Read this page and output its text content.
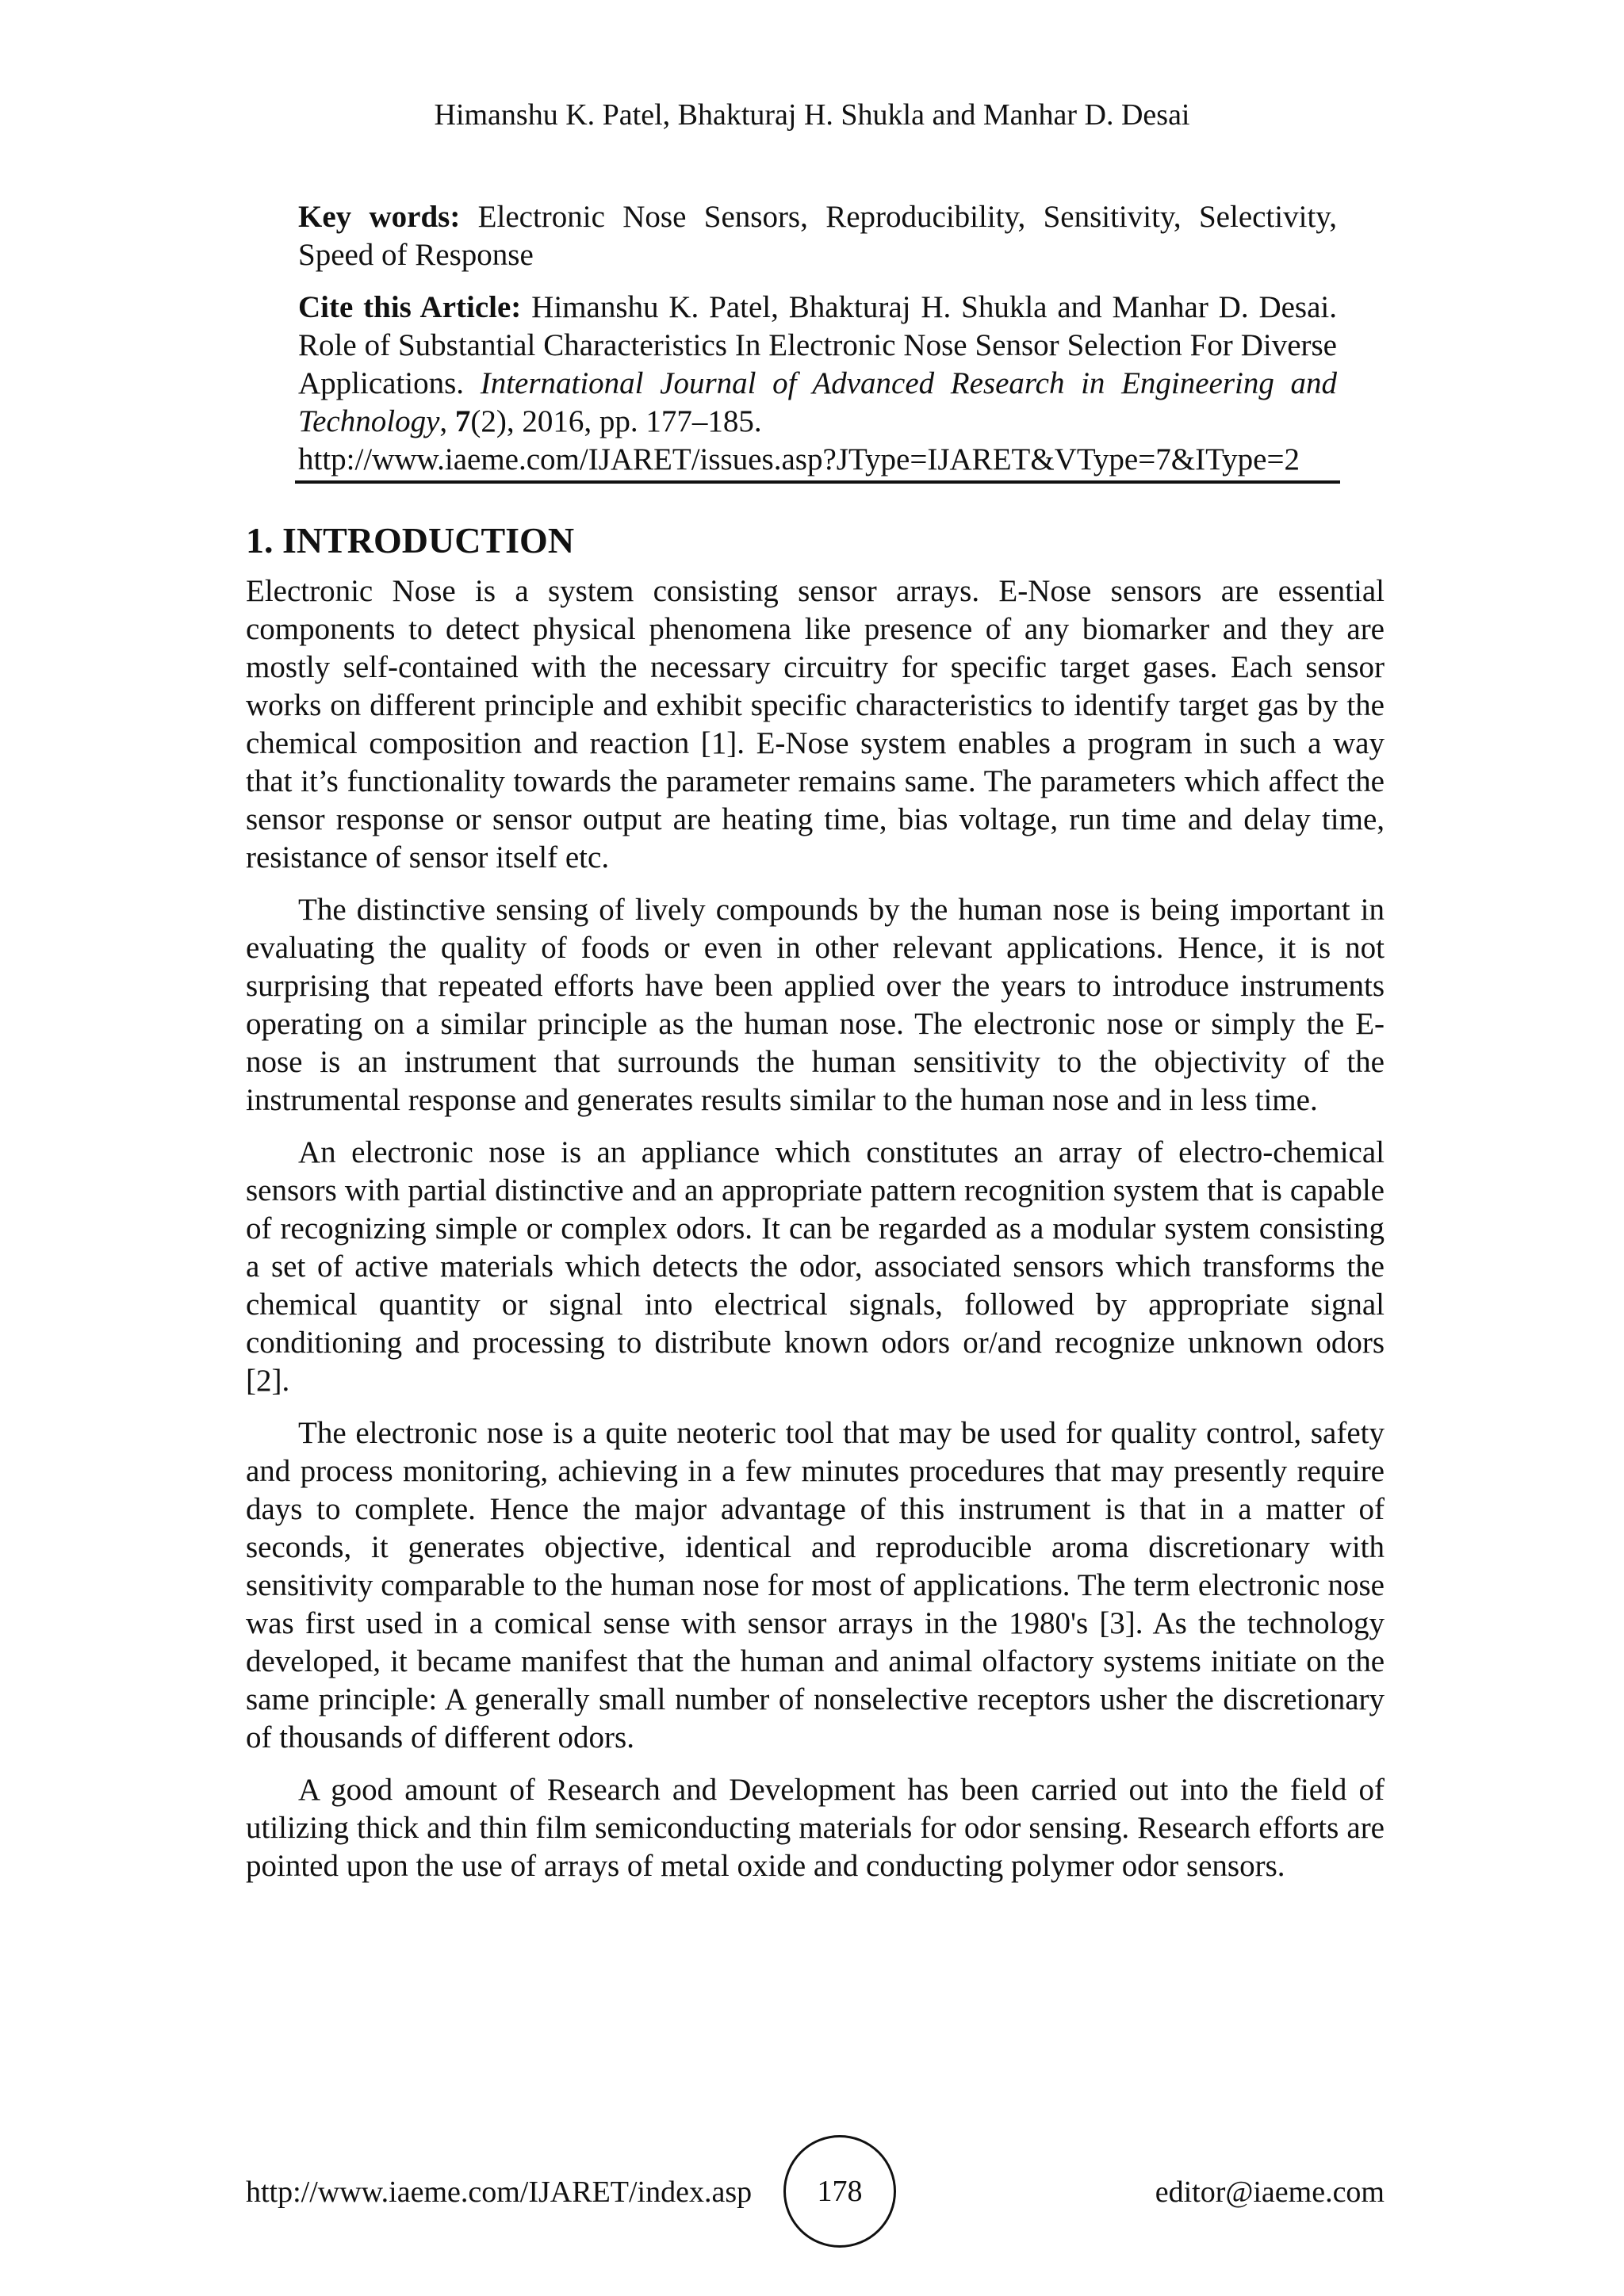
Himanshu K. Patel, Bhakturaj H. Shukla and Manhar D. Desai

Key words: Electronic Nose Sensors, Reproducibility, Sensitivity, Selectivity, Speed of Response

Cite this Article: Himanshu K. Patel, Bhakturaj H. Shukla and Manhar D. Desai. Role of Substantial Characteristics In Electronic Nose Sensor Selection For Diverse Applications. International Journal of Advanced Research in Engineering and Technology, 7(2), 2016, pp. 177–185.
http://www.iaeme.com/IJARET/issues.asp?JType=IJARET&VType=7&IType=2

1. INTRODUCTION

Electronic Nose is a system consisting sensor arrays. E-Nose sensors are essential components to detect physical phenomena like presence of any biomarker and they are mostly self-contained with the necessary circuitry for specific target gases. Each sensor works on different principle and exhibit specific characteristics to identify target gas by the chemical composition and reaction [1]. E-Nose system enables a program in such a way that it’s functionality towards the parameter remains same. The parameters which affect the sensor response or sensor output are heating time, bias voltage, run time and delay time, resistance of sensor itself etc.

The distinctive sensing of lively compounds by the human nose is being important in evaluating the quality of foods or even in other relevant applications. Hence, it is not surprising that repeated efforts have been applied over the years to introduce instruments operating on a similar principle as the human nose. The electronic nose or simply the E-nose is an instrument that surrounds the human sensitivity to the objectivity of the instrumental response and generates results similar to the human nose and in less time.

An electronic nose is an appliance which constitutes an array of electro-chemical sensors with partial distinctive and an appropriate pattern recognition system that is capable of recognizing simple or complex odors. It can be regarded as a modular system consisting a set of active materials which detects the odor, associated sensors which transforms the chemical quantity or signal into electrical signals, followed by appropriate signal conditioning and processing to distribute known odors or/and recognize unknown odors [2].

The electronic nose is a quite neoteric tool that may be used for quality control, safety and process monitoring, achieving in a few minutes procedures that may presently require days to complete. Hence the major advantage of this instrument is that in a matter of seconds, it generates objective, identical and reproducible aroma discretionary with sensitivity comparable to the human nose for most of applications. The term electronic nose was first used in a comical sense with sensor arrays in the 1980's [3]. As the technology developed, it became manifest that the human and animal olfactory systems initiate on the same principle: A generally small number of nonselective receptors usher the discretionary of thousands of different odors.

A good amount of Research and Development has been carried out into the field of utilizing thick and thin film semiconducting materials for odor sensing. Research efforts are pointed upon the use of arrays of metal oxide and conducting polymer odor sensors.

http://www.iaeme.com/IJARET/index.asp 178	editor@iaeme.com
